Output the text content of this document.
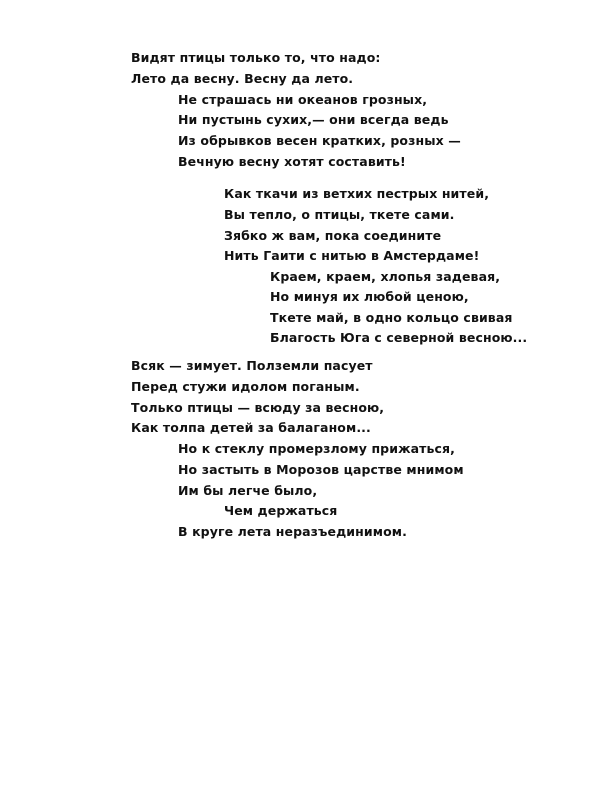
Видят птицы только то, что надо:
Лето да весну. Весну да лето.
Не страшась ни океанов грозных,
Ни пустынь сухих,— они всегда ведь
Из обрывков весен кратких, розных —
Вечную весну хотят составить!
Как ткачи из ветхих пестрых нитей,
Вы тепло, о птицы, ткете сами.
Зябко ж вам, пока соедините
Нить Гаити с нитью в Амстердаме!
Краем, краем, хлопья задевая,
Но минуя их любой ценою,
Ткете май, в одно кольцо свивая
Благость Юга с северной весною...
Всяк — зимует. Полземли пасует
Перед стужи идолом поганым.
Только птицы — всюду за весною,
Как толпа детей за балаганом...
Но к стеклу промерзлому прижаться,
Но застыть в Морозов царстве мнимом
Им бы легче было,
Чем держаться
В круге лета неразъединимом.
